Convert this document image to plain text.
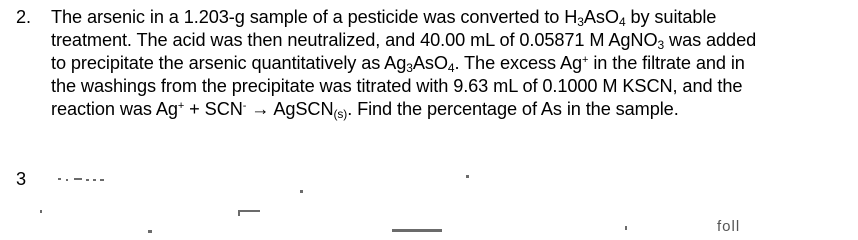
2. The arsenic in a 1.203-g sample of a pesticide was converted to $H_3AsO_4$ by suitable
treatment. The acid was then neutralized, and 40.00 mL of 0.05871 M AgNO$_3$ was added
to precipitate the arsenic quantitatively as $Ag_3AsO_4$. The excess Ag+ in the filtrate and in
the washings from the precipitate was titrated with 9.63 mL of 0.1000 M KSCN, and the
reaction was Ag+ + SCN- → AgSCN$_{(s)}$. Find the percentage of As in the sample.
3
foll
